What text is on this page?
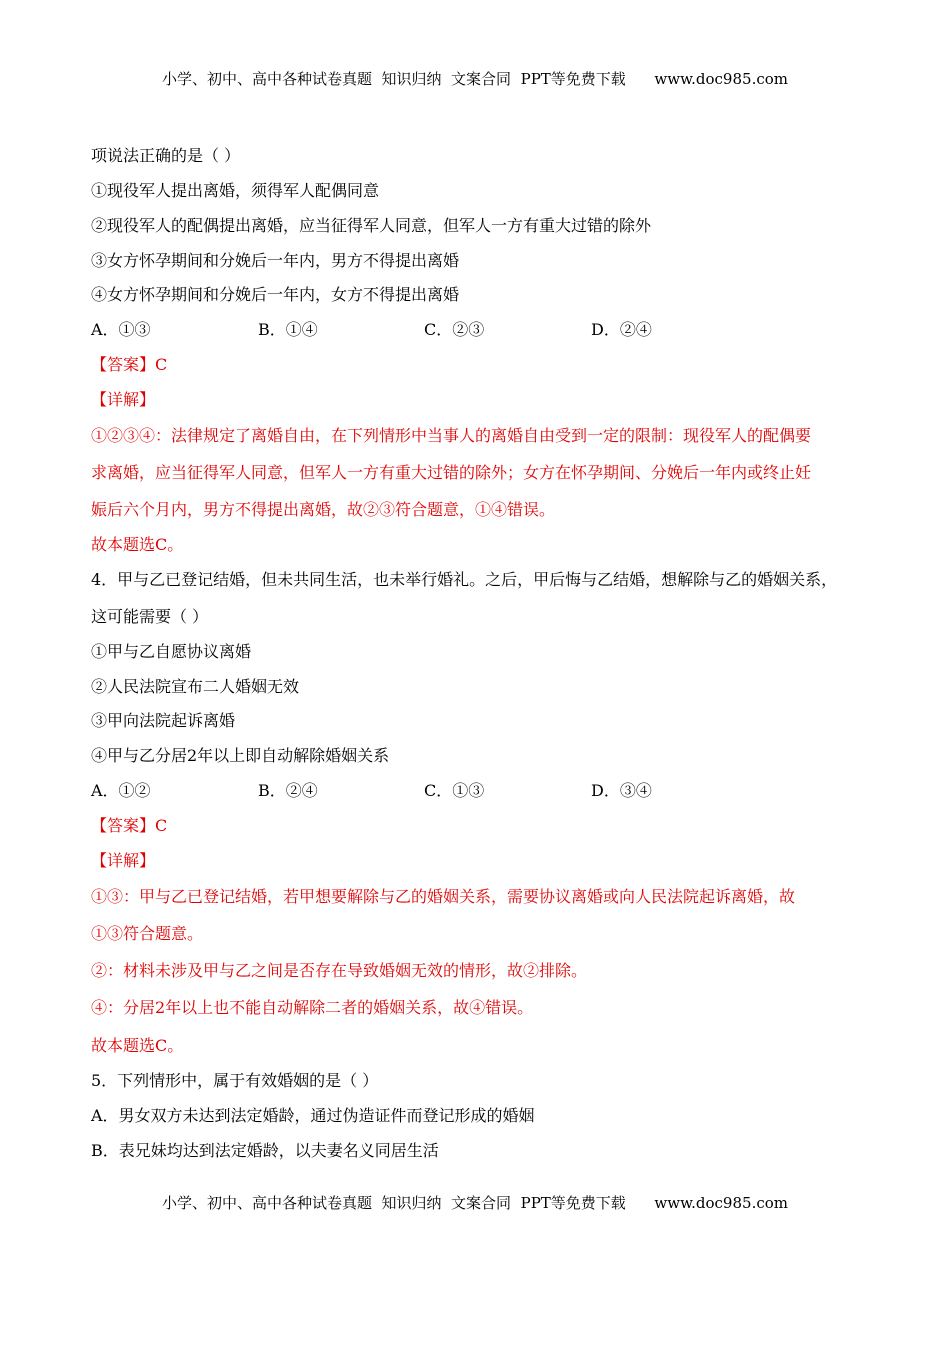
小学、初中、高中各种试卷真题  知识归纳  文案合同  PPT等免费下载      www.doc985.com
项说法正确的是（ ）
①现役军人提出离婚，须得军人配偶同意
②现役军人的配偶提出离婚，应当征得军人同意，但军人一方有重大过错的除外
③女方怀孕期间和分娩后一年内，男方不得提出离婚
④女方怀孕期间和分娩后一年内，女方不得提出离婚
A．①③	B．①④	C．②③	D．②④
【答案】C
【详解】
①②③④：法律规定了离婚自由，在下列情形中当事人的离婚自由受到一定的限制：现役军人的配偶要
求离婚，应当征得军人同意，但军人一方有重大过错的除外；女方在怀孕期间、分娩后一年内或终止妊
娠后六个月内，男方不得提出离婚，故②③符合题意，①④错误。
故本题选C。
4．甲与乙已登记结婚，但未共同生活，也未举行婚礼。之后，甲后悔与乙结婚，想解除与乙的婚姻关系，
这可能需要（ ）
①甲与乙自愿协议离婚
②人民法院宣布二人婚姻无效
③甲向法院起诉离婚
④甲与乙分居2年以上即自动解除婚姻关系
A．①②	B．②④	C．①③	D．③④
【答案】C
【详解】
①③：甲与乙已登记结婚，若甲想要解除与乙的婚姻关系，需要协议离婚或向人民法院起诉离婚，故
①③符合题意。
②：材料未涉及甲与乙之间是否存在导致婚姻无效的情形，故②排除。
④：分居2年以上也不能自动解除二者的婚姻关系，故④错误。
故本题选C。
5．下列情形中，属于有效婚姻的是（ ）
A．男女双方未达到法定婚龄，通过伪造证件而登记形成的婚姻
B．表兄妹均达到法定婚龄，以夫妻名义同居生活
小学、初中、高中各种试卷真题  知识归纳  文案合同  PPT等免费下载      www.doc985.com
